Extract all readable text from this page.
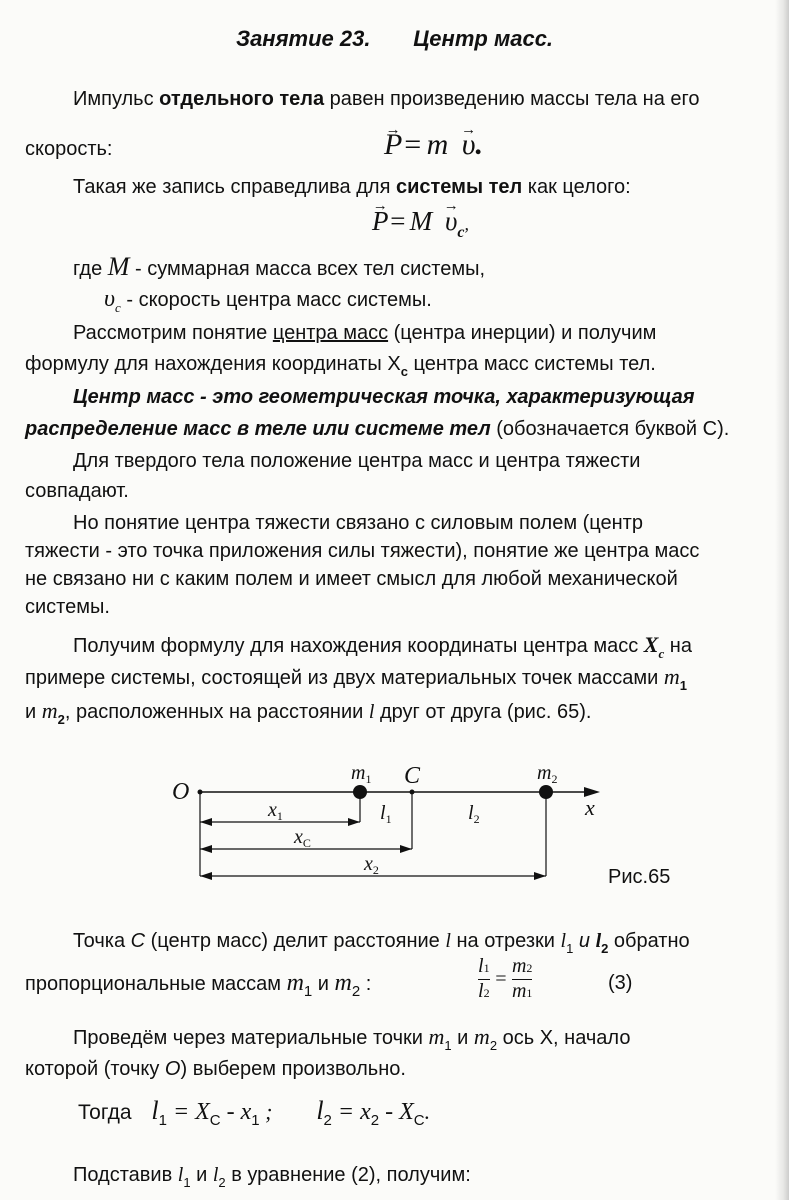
Занятие 23.       Центр масс.
Импульс отдельного тела равен произведению массы тела на его
скорость:	→ P= m → υ.
Такая же запись справедлива для системы тел как целого:
→ $P= M \to \upsilon_c$,
где M - суммарная масса всех тел системы,
$\upsilon_c$ - скорость центра масс системы.
Рассмотрим понятие центра масс (центра инерции) и получим
формулу для нахождения координаты $X_c$ центра масс системы тел.
Центр масс - это геометрическая точка, характеризующая
распределение масс в теле или системе тел (обозначается буквой С).
Для твердого тела положение центра масс и центра тяжести
совпадают.
Но понятие центра тяжести связано с силовым полем (центр
тяжести - это точка приложения силы тяжести), понятие же центра масс
не связано ни с каким полем и имеет смысл для любой механической
системы.
Получим формулу для нахождения координаты центра масс $X_c$ на
примере системы, состоящей из двух материальных точек массами $m_1$
и $m_2$, расположенных на расстоянии l друг от друга (рис. 65).
O
$m_1$ C	$m_2$
x
$x_1$
$x_C$
$x_2$
$l_1$	$l_2$
Рис.65
Точка С (центр масс) делит расстояние l на отрезки $l_1$ и $l_2$ обратно
пропорциональные массам $m_1$ и $m_2$ :	$\frac{l1}{l2} = \frac{m2}{m1}$	(3)
Проведём через материальные точки $m_1$ и $m_2$ ось X, начало
которой (точку O) выберем произвольно.
Тогда $l_1 = X_C - x_1$ ; $l_2 = x_2 - X_C$.
Подставив $l_1$ и $l_2$ в уравнение (2), получим:
